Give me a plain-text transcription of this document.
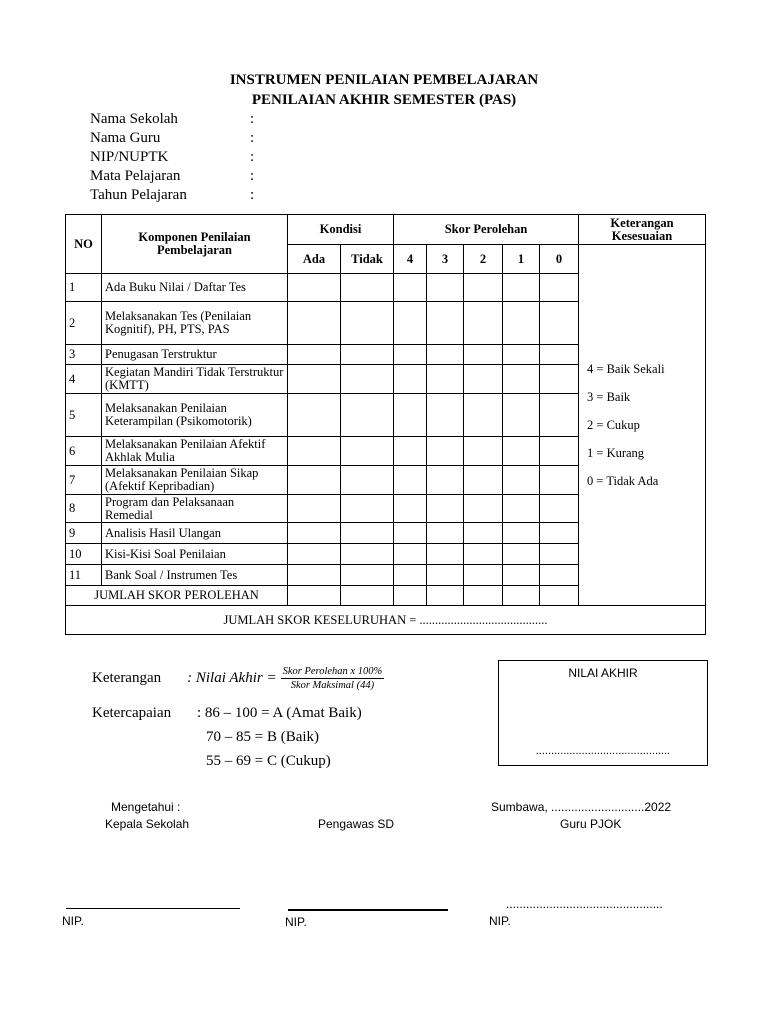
INSTRUMEN PENILAIAN PEMBELAJARAN
PENILAIAN AKHIR SEMESTER (PAS)
Nama Sekolah	:
Nama Guru	:
NIP/NUPTK	:
Mata Pelajaran	:
Tahun Pelajaran	:
NO	Komponen Penilaian Pembelajaran	Kondisi		Skor Perolehan					Keterangan Kesesuaian
		Ada	Tidak	4	3	2	1	0	4 = Baik Sekali
3 = Baik
2 = Cukup
1 = Kurang
0 = Tidak Ada

1	Ada Buku Nilai / Daftar Tes								
2	Melaksanakan Tes (Penilaian Kognitif), PH, PTS, PAS								
3	Penugasan Terstruktur								
4	Kegiatan Mandiri Tidak Terstruktur (KMTT)								
5	Melaksanakan Penilaian Keterampilan (Psikomotorik)								
6	Melaksanakan Penilaian Afektif Akhlak Mulia								
7	Melaksanakan Penilaian Sikap (Afektif Kepribadian)								
8	Program dan Pelaksanaan Remedial								
9	Analisis Hasil Ulangan								
10	Kisi-Kisi Soal Penilaian								
11	Bank Soal / Instrumen Tes								
JUMLAH SKOR PEROLEHAN									
JUMLAH SKOR KESELURUHAN = .........................................									
Keterangan : Nilai Akhir = $\frac{\text{Skor Perolehan x 100\%}}{\text{Skor Maksimal (44)}}$
Ketercapaian	: 86 – 100 = A (Amat Baik)
70 – 85 = B (Baik)
55 – 69 = C (Cukup)
NILAI AKHIR
............................................
Mengetahui :
Kepala Sekolah	Pengawas SD
Sumbawa, ............................2022
Guru PJOK
...............................................
NIP.	NIP.	NIP.
